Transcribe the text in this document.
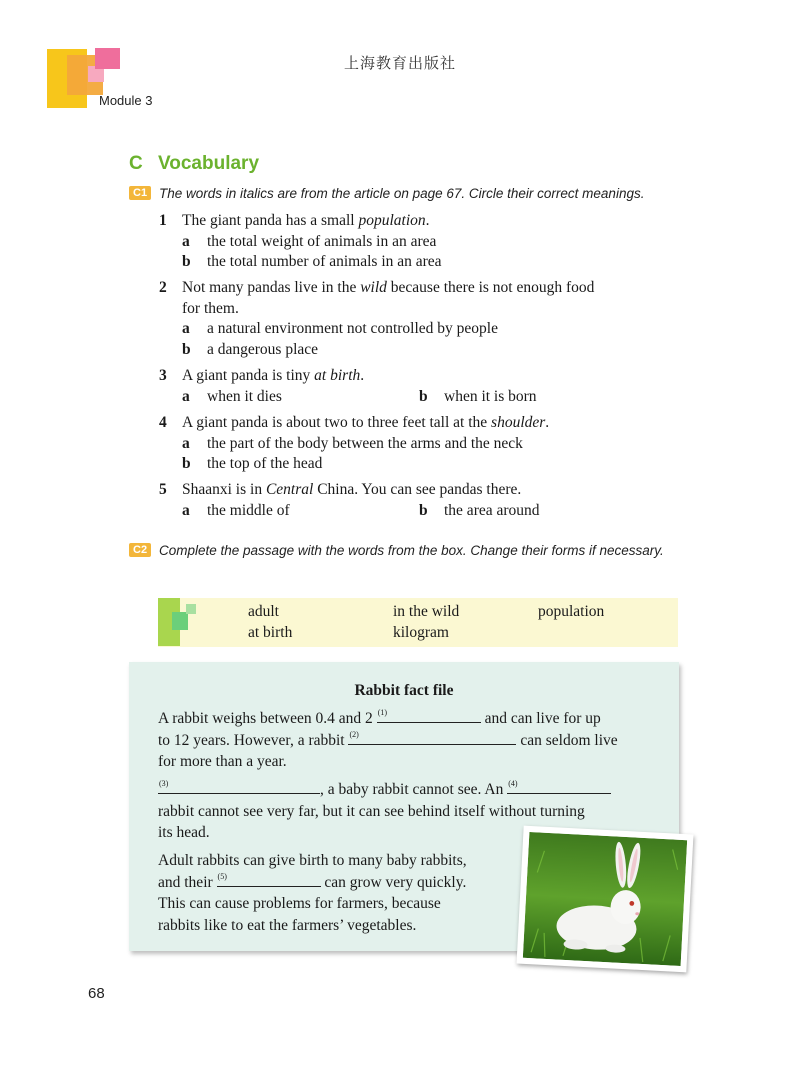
上海教育出版社
Module 3
C Vocabulary
C1 The words in italics are from the article on page 67. Circle their correct meanings.
1 The giant panda has a small population.
a the total weight of animals in an area
b the total number of animals in an area
2 Not many pandas live in the wild because there is not enough food
for them.
a a natural environment not controlled by people
b a dangerous place
3 A giant panda is tiny at birth.
a when it dies	b when it is born
4 A giant panda is about two to three feet tall at the shoulder.
a the part of the body between the arms and the neck
b the top of the head
5 Shaanxi is in Central China. You can see pandas there.
a the middle of	b the area around
C2 Complete the passage with the words from the box. Change their forms if necessary.
adult	in the wild	population
at birth	kilogram
Rabbit fact file
A rabbit weighs between 0.4 and 2 (1)	and can live for up
to 12 years. However, a rabbit (2)	can seldom live
for more than a year.
(3)	, a baby rabbit cannot see. An (4)
rabbit cannot see very far, but it can see behind itself without turning
its head.
Adult rabbits can give birth to many baby rabbits,
and their (5)	can grow very quickly.
This can cause problems for farmers, because
rabbits like to eat the farmers’ vegetables.
68
